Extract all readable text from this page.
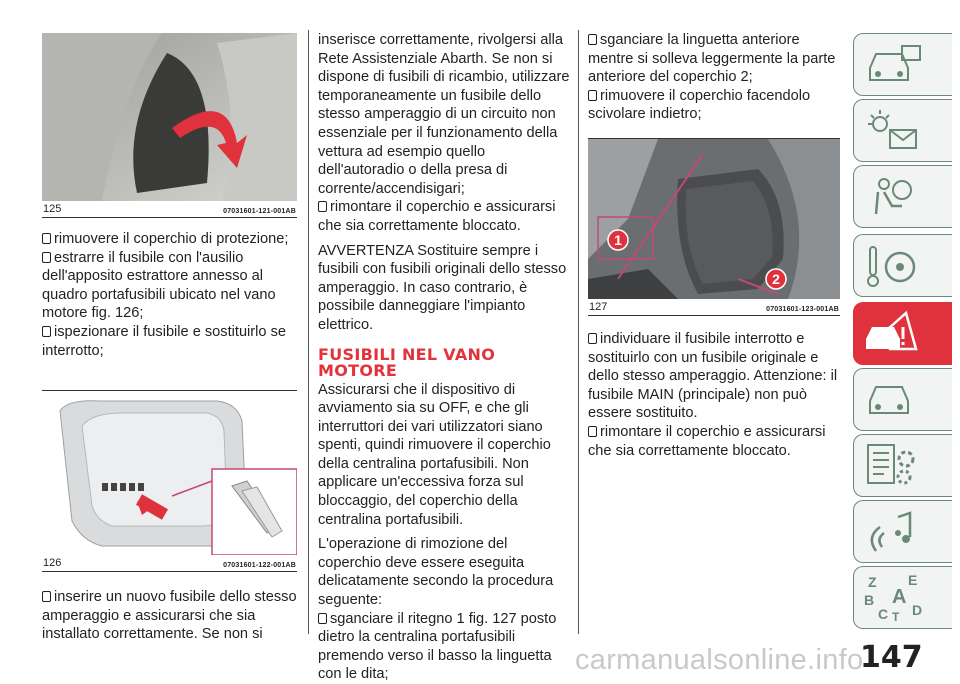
125	07031601-121-001AB

rimuovere il coperchio di protezione;

estrarre il fusibile con l'ausilio dell'apposito estrattore annesso al quadro portafusibili ubicato nel vano motore fig. 126;

ispezionare il fusibile e sostituirlo se interrotto;

126	07031601-122-001AB

inserire un nuovo fusibile dello stesso amperaggio e assicurarsi che sia installato correttamente. Se non si

inserisce correttamente, rivolgersi alla Rete Assistenziale Abarth. Se non si dispone di fusibili di ricambio, utilizzare temporaneamente un fusibile dello stesso amperaggio di un circuito non essenziale per il funzionamento della vettura ad esempio quello dell'autoradio o della presa di corrente/accendisigari;

rimontare il coperchio e assicurarsi che sia correttamente bloccato.

AVVERTENZA Sostituire sempre i fusibili con fusibili originali dello stesso amperaggio. In caso contrario, è possibile danneggiare l'impianto elettrico.

FUSIBILI NEL VANO MOTORE

Assicurarsi che il dispositivo di avviamento sia su OFF, e che gli interruttori dei vari utilizzatori siano spenti, quindi rimuovere il coperchio della centralina portafusibili. Non applicare un'eccessiva forza sul bloccaggio, del coperchio della centralina portafusibili.

L'operazione di rimozione del coperchio deve essere eseguita delicatamente secondo la procedura seguente:

sganciare il ritegno 1 fig. 127 posto dietro la centralina portafusibili premendo verso il basso la linguetta con le dita;

sganciare la linguetta anteriore mentre si solleva leggermente la parte anteriore del coperchio 2;

rimuovere il coperchio facendolo scivolare indietro;

1
2
127	07031601-123-001AB

individuare il fusibile interrotto e sostituirlo con un fusibile originale e dello stesso amperaggio. Attenzione: il fusibile MAIN (principale) non può essere sostituito.

rimontare il coperchio e assicurarsi che sia correttamente bloccato.

Z E
B A
C T D
147
carmanualsonline.info
